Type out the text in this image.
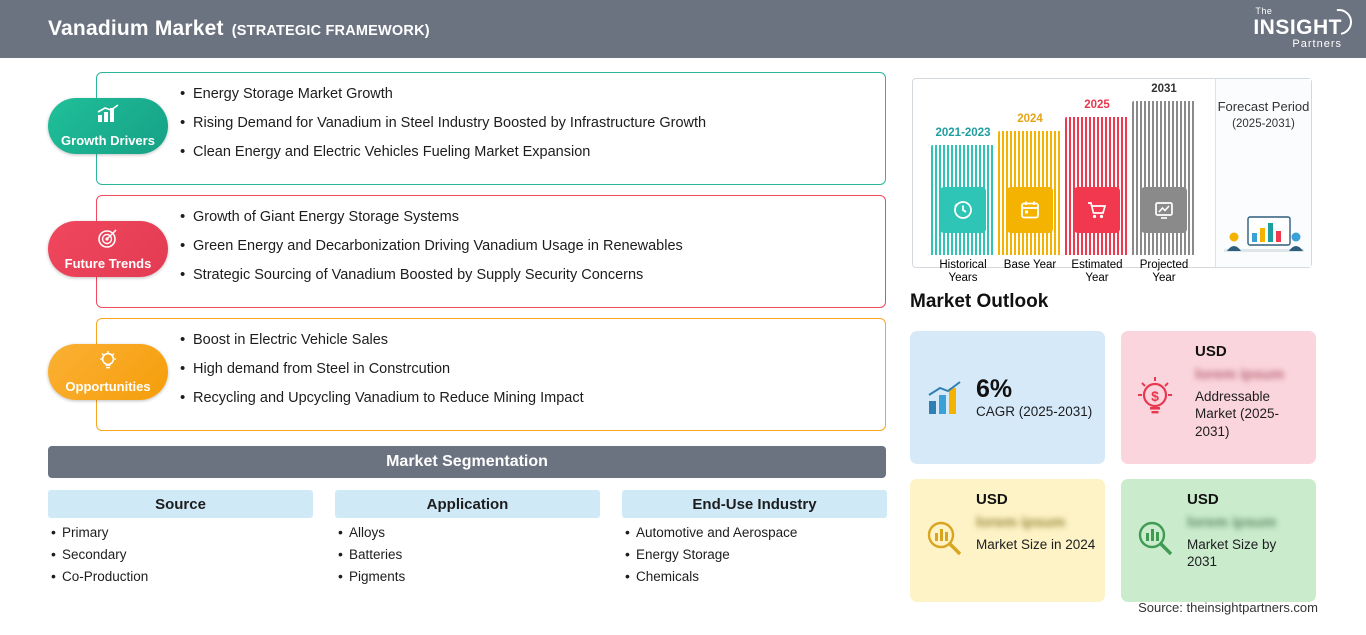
Vanadium Market (STRATEGIC FRAMEWORK)
The
INSIGHT
Partners
• Energy Storage Market Growth
• Rising Demand for Vanadium in Steel Industry Boosted by Infrastructure Growth
• Clean Energy and Electric Vehicles Fueling Market Expansion
Growth Drivers
• Growth of Giant Energy Storage Systems
• Green Energy and Decarbonization Driving Vanadium Usage in Renewables
• Strategic Sourcing of Vanadium Boosted by Supply Security Concerns
Future Trends
• Boost in Electric Vehicle Sales
• High demand from Steel in Constrcution
• Recycling and Upcycling Vanadium to Reduce Mining Impact
Opportunities
Market Segmentation
Source
• Primary
• Secondary
• Co-Production
Application
• Alloys
• Batteries
• Pigments
End-Use Industry
• Automotive and Aerospace
• Energy Storage
• Chemicals
2021-2023
Historical Years
2024
Base Year
2025
Estimated Year
2031
Projected Year
Forecast Period
(2025-2031)
Market Outlook
6%
CAGR (2025-2031)
$
USD
lorem ipsum
Addressable Market (2025-2031)
USD
lorem ipsum
Market Size in 2024
USD
lorem ipsum
Market Size by 2031
Source: theinsightpartners.com
